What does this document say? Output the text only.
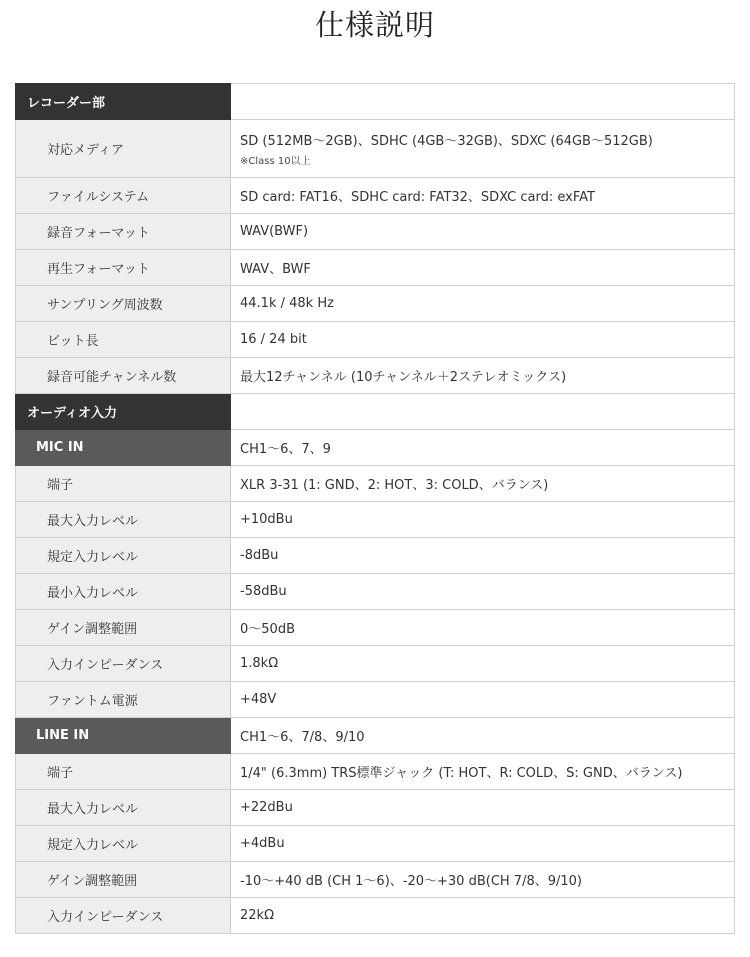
仕様説明
レコーダー部	
対応メディア	SD (512MB〜2GB)、SDHC (4GB〜32GB)、SDXC (64GB〜512GB)
※Class 10以上

ファイルシステム	SD card: FAT16、SDHC card: FAT32、SDXC card: exFAT
録音フォーマット	WAV(BWF)
再生フォーマット	WAV、BWF
サンプリング周波数	44.1k / 48k Hz
ビット長	16 / 24 bit
録音可能チャンネル数	最大12チャンネル (10チャンネル＋2ステレオミックス)
オーディオ入力	
MIC IN	CH1〜6、7、9
端子	XLR 3-31 (1: GND、2: HOT、3: COLD、バランス)
最大入力レベル	+10dBu
規定入力レベル	-8dBu
最小入力レベル	-58dBu
ゲイン調整範囲	0〜50dB
入力インピーダンス	1.8kΩ
ファントム電源	+48V
LINE IN	CH1〜6、7/8、9/10
端子	1/4" (6.3mm) TRS標準ジャック (T: HOT、R: COLD、S: GND、バランス)
最大入力レベル	+22dBu
規定入力レベル	+4dBu
ゲイン調整範囲	-10〜+40 dB (CH 1〜6)、-20〜+30 dB(CH 7/8、9/10)
入力インピーダンス	22kΩ
